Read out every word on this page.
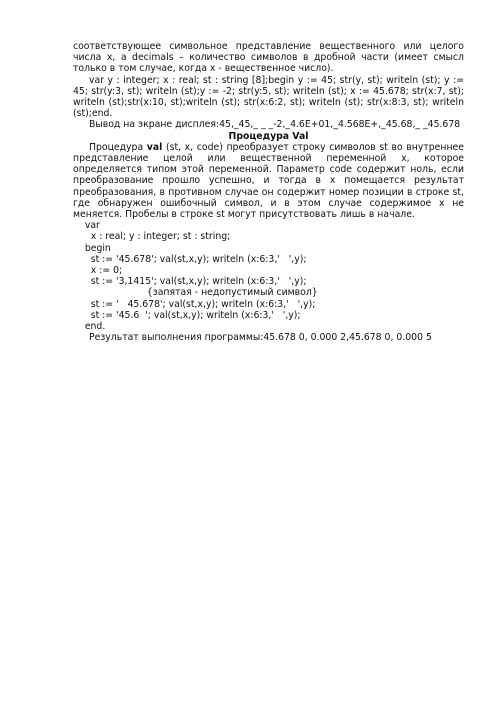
соответствующее символьное представление вещественного или целого числа x, a decimals – количество символов в дробной части (имеет смысл только в том случае, когда x - вещественное число).

var y : integer; x : real; st : string [8];begin y := 45; str(y, st); writeln (st); y := 45; str(y:3, st); writeln (st);y := -2; str(y:5, st); writeln (st); x := 45.678; str(x:7, st); writeln (st);str(x:10, st);writeln (st); str(x:6:2, st); writeln (st); str(x:8:3, st); writeln (st);end.

Вывод на экране дисплея:45,_45,_ _ _-2,_4.6E+01,_4.568E+,_45.68,_ _45.678

Процедура Val

Процедура val (st, x, code) преобразует строку символов st во внутреннее представление целой или вещественной переменной x, которое определяется типом этой переменной. Параметр code содержит ноль, если преобразование прошло успешно, и тогда в x помещается результат преобразования, в противном случае он содержит номер позиции в строке st, где обнаружен ошибочный символ, и в этом случае содержимое x не меняется. Пробелы в строке st могут присутствовать лишь в начале.

var

x : real; y : integer; st : string;

begin

st := '45.678'; val(st,x,y); writeln (x:6:3,'   ',y);

x := 0;

st := '3,1415'; val(st,x,y); writeln (x:6:3,'   ',y);

{запятая - недопустимый символ}

st := '   45.678'; val(st,x,y); writeln (x:6:3,'   ',y);

st := '45.6  '; val(st,x,y); writeln (x:6:3,'   ',y);

end.

Результат выполнения программы:45.678 0, 0.000 2,45.678 0, 0.000 5
